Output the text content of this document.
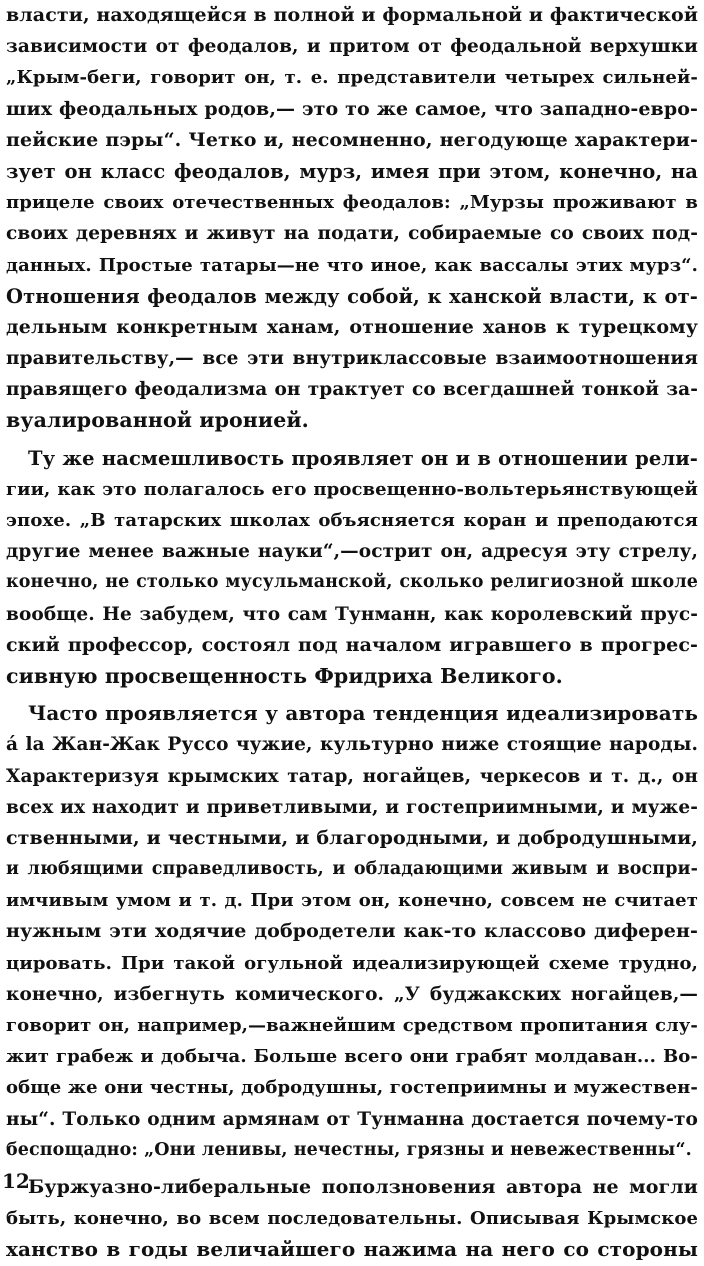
власти, находящейся в полной и формальной и фактической
зависимости от феодалов, и притом от феодальной верхушки
„Крым-беги, говорит он, т. е. представители четырех сильней-
ших феодальных родов,— это то же самое, что западно-евро-
пейские пэры“. Четко и, несомненно, негодующе характери-
зует он класс феодалов, мурз, имея при этом, конечно, на
прицеле своих отечественных феодалов: „Мурзы проживают в
своих деревнях и живут на подати, собираемые со своих под-
данных. Простые татары—не что иное, как вассалы этих мурз“.
Отношения феодалов между собой, к ханской власти, к от-
дельным конкретным ханам, отношение ханов к турецкому
правительству,— все эти внутриклассовые взаимоотношения
правящего феодализма он трактует со всегдашней тонкой за-
вуалированной иронией.
Ту же насмешливость проявляет он и в отношении рели-
гии, как это полагалось его просвещенно-вольтерьянствующей
эпохе. „В татарских школах объясняется коран и преподаются
другие менее важные науки“,—острит он, адресуя эту стрелу,
конечно, не столько мусульманской, сколько религиозной школе
вообще. Не забудем, что сам Тунманн, как королевский прус-
ский профессор, состоял под началом игравшего в прогрес-
сивную просвещенность Фридриха Великого.
Часто проявляется у автора тенденция идеализировать
á la Жан-Жак Руссо чужие, культурно ниже стоящие народы.
Характеризуя крымских татар, ногайцев, черкесов и т. д., он
всех их находит и приветливыми, и гостеприимными, и муже-
ственными, и честными, и благородными, и добродушными,
и любящими справедливость, и обладающими живым и воспри-
имчивым умом и т. д. При этом он, конечно, совсем не считает
нужным эти ходячие добродетели как-то классово диферен-
цировать. При такой огульной идеализирующей схеме трудно,
конечно, избегнуть комического. „У буджакских ногайцев,—
говорит он, например,—важнейшим средством пропитания слу-
жит грабеж и добыча. Больше всего они грабят молдаван... Во-
обще же они честны, добродушны, гостеприимны и мужествен-
ны“. Только одним армянам от Тунманна достается почему-то
беспощадно: „Они ленивы, нечестны, грязны и невежественны“.
Буржуазно-либеральные поползновения автора не могли
быть, конечно, во всем последовательны. Описывая Крымское
ханство в годы величайшего нажима на него со стороны
12
